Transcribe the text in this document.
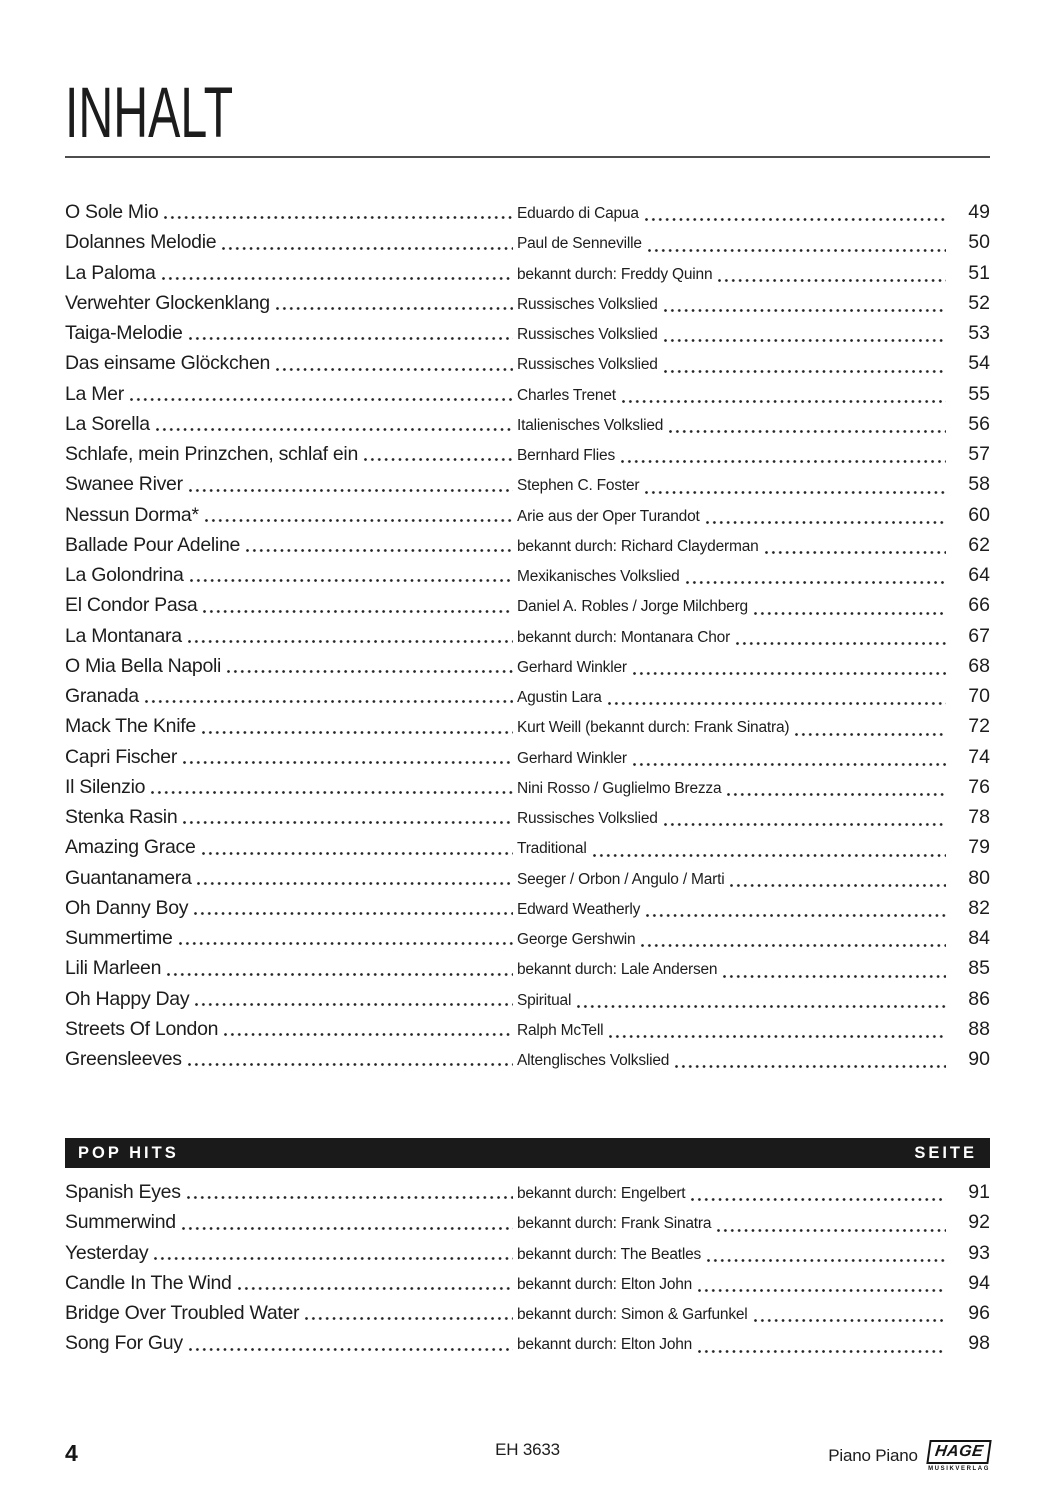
INHALT
O Sole Mio	Eduardo di Capua	49
Dolannes Melodie	Paul de Senneville	50
La Paloma	bekannt durch: Freddy Quinn	51
Verwehter Glockenklang	Russisches Volkslied	52
Taiga-Melodie	Russisches Volkslied	53
Das einsame Glöckchen	Russisches Volkslied	54
La Mer	Charles Trenet	55
La Sorella	Italienisches Volkslied	56
Schlafe, mein Prinzchen, schlaf ein	Bernhard Flies	57
Swanee River	Stephen C. Foster	58
Nessun Dorma*	Arie aus der Oper Turandot	60
Ballade Pour Adeline	bekannt durch: Richard Clayderman	62
La Golondrina	Mexikanisches Volkslied	64
El Condor Pasa	Daniel A. Robles / Jorge Milchberg	66
La Montanara	bekannt durch: Montanara Chor	67
O Mia Bella Napoli	Gerhard Winkler	68
Granada	Agustin Lara	70
Mack The Knife	Kurt Weill (bekannt durch: Frank Sinatra)	72
Capri Fischer	Gerhard Winkler	74
Il Silenzio	Nini Rosso / Guglielmo Brezza	76
Stenka Rasin	Russisches Volkslied	78
Amazing Grace	Traditional	79
Guantanamera	Seeger / Orbon / Angulo / Marti	80
Oh Danny Boy	Edward Weatherly	82
Summertime	George Gershwin	84
Lili Marleen	bekannt durch: Lale Andersen	85
Oh Happy Day	Spiritual	86
Streets Of London	Ralph McTell	88
Greensleeves	Altenglisches Volkslied	90
POP HITS	SEITE
Spanish Eyes	bekannt durch: Engelbert	91
Summerwind	bekannt durch: Frank Sinatra	92
Yesterday	bekannt durch: The Beatles	93
Candle In The Wind	bekannt durch: Elton John	94
Bridge Over Troubled Water	bekannt durch: Simon & Garfunkel	96
Song For Guy	bekannt durch: Elton John	98
4	EH 3633	Piano Piano HAGE
MUSIKVERLAG
